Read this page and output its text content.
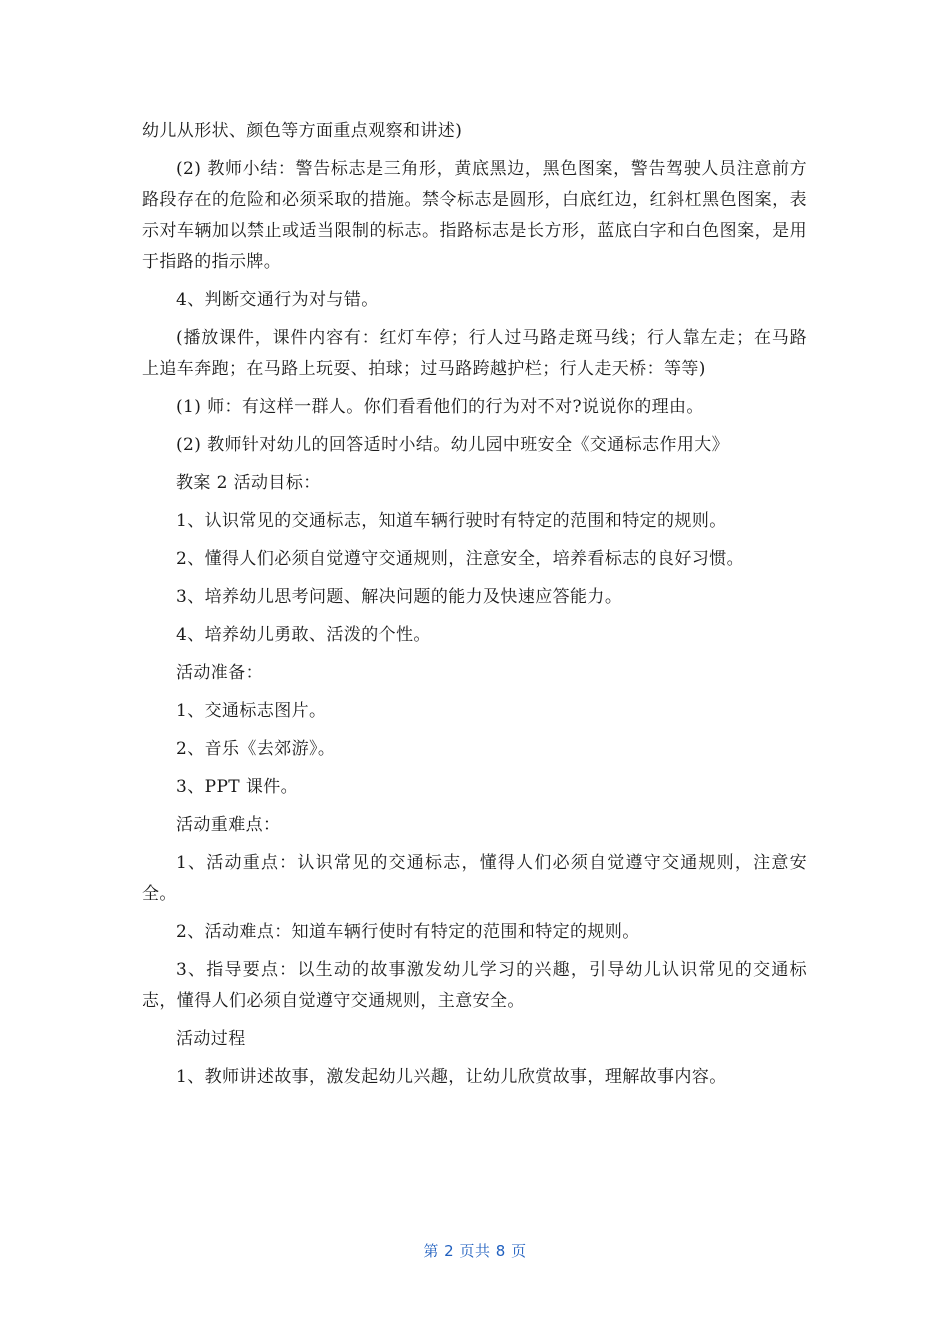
幼儿从形状、颜色等方面重点观察和讲述)

(2) 教师小结：警告标志是三角形，黄底黑边，黑色图案，警告驾驶人员注意前方路段存在的危险和必须采取的措施。禁令标志是圆形，白底红边，红斜杠黑色图案，表示对车辆加以禁止或适当限制的标志。指路标志是长方形，蓝底白字和白色图案，是用于指路的指示牌。

4、判断交通行为对与错。

(播放课件，课件内容有：红灯车停；行人过马路走斑马线；行人靠左走；在马路上追车奔跑；在马路上玩耍、拍球；过马路跨越护栏；行人走天桥：等等)

(1) 师：有这样一群人。你们看看他们的行为对不对?说说你的理由。

(2) 教师针对幼儿的回答适时小结。幼儿园中班安全《交通标志作用大》

教案 2 活动目标：

1、认识常见的交通标志，知道车辆行驶时有特定的范围和特定的规则。

2、懂得人们必须自觉遵守交通规则，注意安全，培养看标志的良好习惯。

3、培养幼儿思考问题、解决问题的能力及快速应答能力。

4、培养幼儿勇敢、活泼的个性。

活动准备：

1、交通标志图片。

2、音乐《去郊游》。

3、PPT 课件。

活动重难点：

1、活动重点：认识常见的交通标志，懂得人们必须自觉遵守交通规则，注意安全。

2、活动难点：知道车辆行使时有特定的范围和特定的规则。

3、指导要点：以生动的故事激发幼儿学习的兴趣，引导幼儿认识常见的交通标志，懂得人们必须自觉遵守交通规则，主意安全。

活动过程

1、教师讲述故事，激发起幼儿兴趣，让幼儿欣赏故事，理解故事内容。

第 2 页共 8 页
